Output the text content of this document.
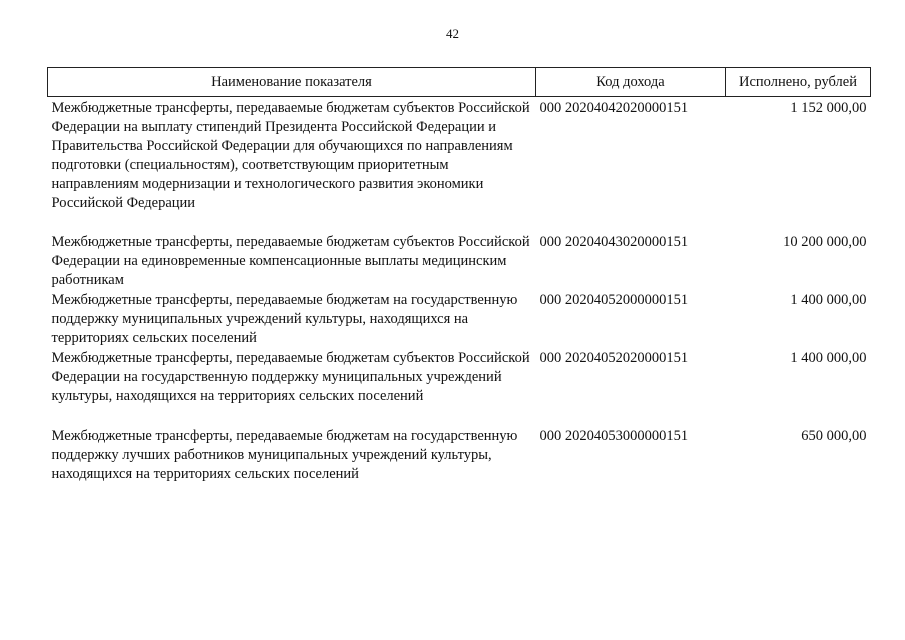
42
Наименование показателя	Код дохода	Исполнено, рублей
Межбюджетные трансферты, передаваемые бюджетам субъектов Российской Федерации на выплату стипендий Президента Российской Федерации и Правительства Российской Федерации для обучающихся по направлениям подготовки (специальностям), соответствующим приоритетным направлениям модернизации и технологического развития экономики Российской Федерации	000 20204042020000151	1 152 000,00
Межбюджетные трансферты, передаваемые бюджетам субъектов Российской Федерации на единовременные компенсационные выплаты медицинским работникам	000 20204043020000151	10 200 000,00
Межбюджетные трансферты, передаваемые бюджетам на государственную поддержку муниципальных учреждений культуры, находящихся на территориях сельских поселений	000 20204052000000151	1 400 000,00
Межбюджетные трансферты, передаваемые бюджетам субъектов Российской Федерации на государственную поддержку муниципальных учреждений культуры, находящихся на территориях сельских поселений	000 20204052020000151	1 400 000,00
Межбюджетные трансферты, передаваемые бюджетам на государственную поддержку лучших работников муниципальных учреждений культуры, находящихся на территориях сельских поселений	000 20204053000000151	650 000,00
